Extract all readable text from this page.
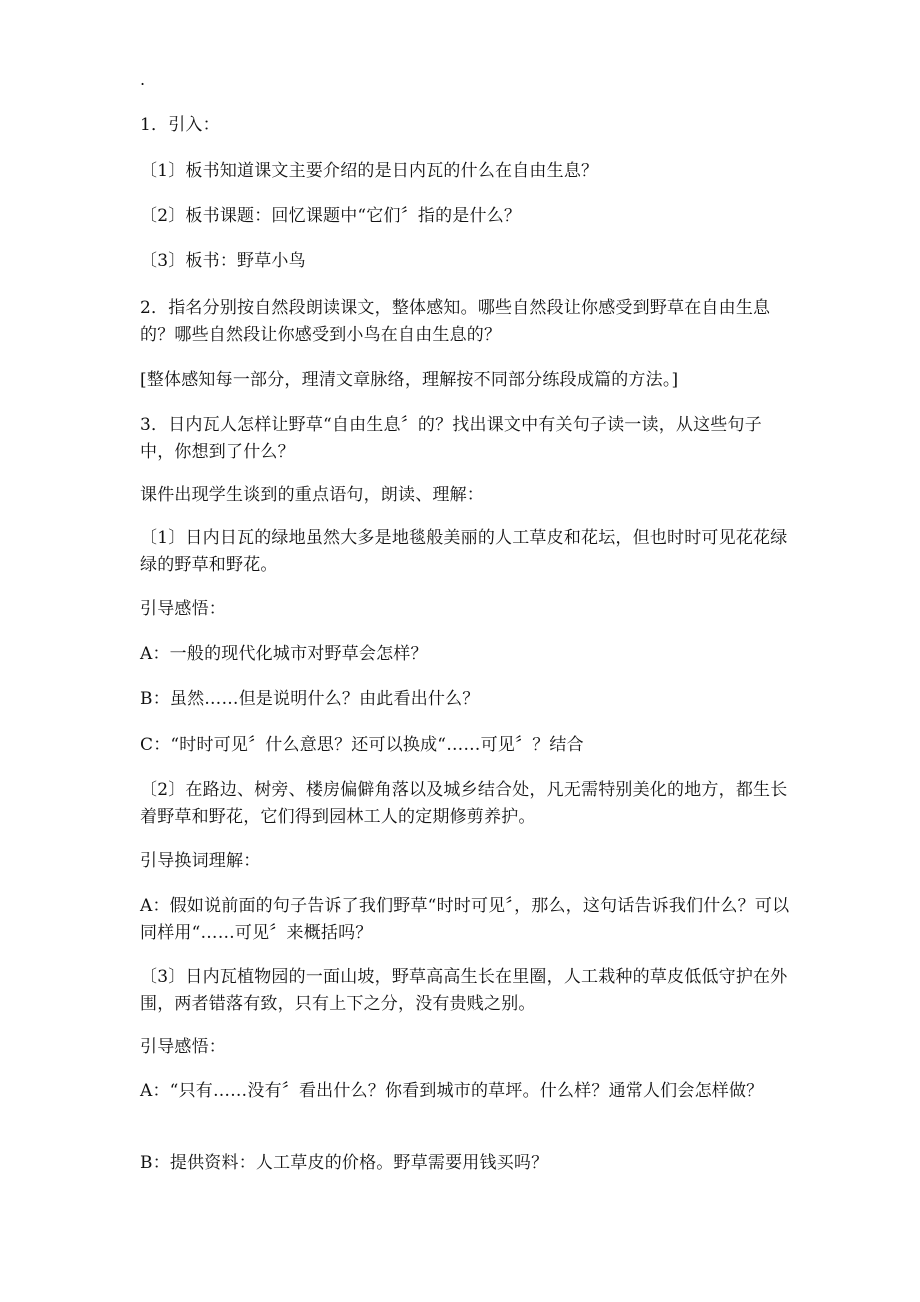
.

1．引入：

〔1〕板书知道课文主要介绍的是日内瓦的什么在自由生息？

〔2〕板书课题：回忆课题中“它们〞指的是什么？

〔3〕板书：野草小鸟

2．指名分别按自然段朗读课文，整体感知。哪些自然段让你感受到野草在自由生息的？哪些自然段让你感受到小鸟在自由生息的？

[整体感知每一部分，理清文章脉络，理解按不同部分练段成篇的方法。]

3．日内瓦人怎样让野草“自由生息〞的？找出课文中有关句子读一读，从这些句子中，你想到了什么？

课件出现学生谈到的重点语句，朗读、理解：

〔1〕日内日瓦的绿地虽然大多是地毯般美丽的人工草皮和花坛，但也时时可见花花绿绿的野草和野花。

引导感悟：

A：一般的现代化城市对野草会怎样？

B：虽然……但是说明什么？由此看出什么？

C：“时时可见〞什么意思？还可以换成“……可见〞？结合

〔2〕在路边、树旁、楼房偏僻角落以及城乡结合处，凡无需特别美化的地方，都生长着野草和野花，它们得到园林工人的定期修剪养护。

引导换词理解：

A：假如说前面的句子告诉了我们野草“时时可见〞，那么，这句话告诉我们什么？可以同样用“……可见〞来概括吗？

〔3〕日内瓦植物园的一面山坡，野草高高生长在里圈，人工栽种的草皮低低守护在外围，两者错落有致，只有上下之分，没有贵贱之别。

引导感悟：

A：“只有……没有〞看出什么？你看到城市的草坪。什么样？通常人们会怎样做？

B：提供资料：人工草皮的价格。野草需要用钱买吗？
